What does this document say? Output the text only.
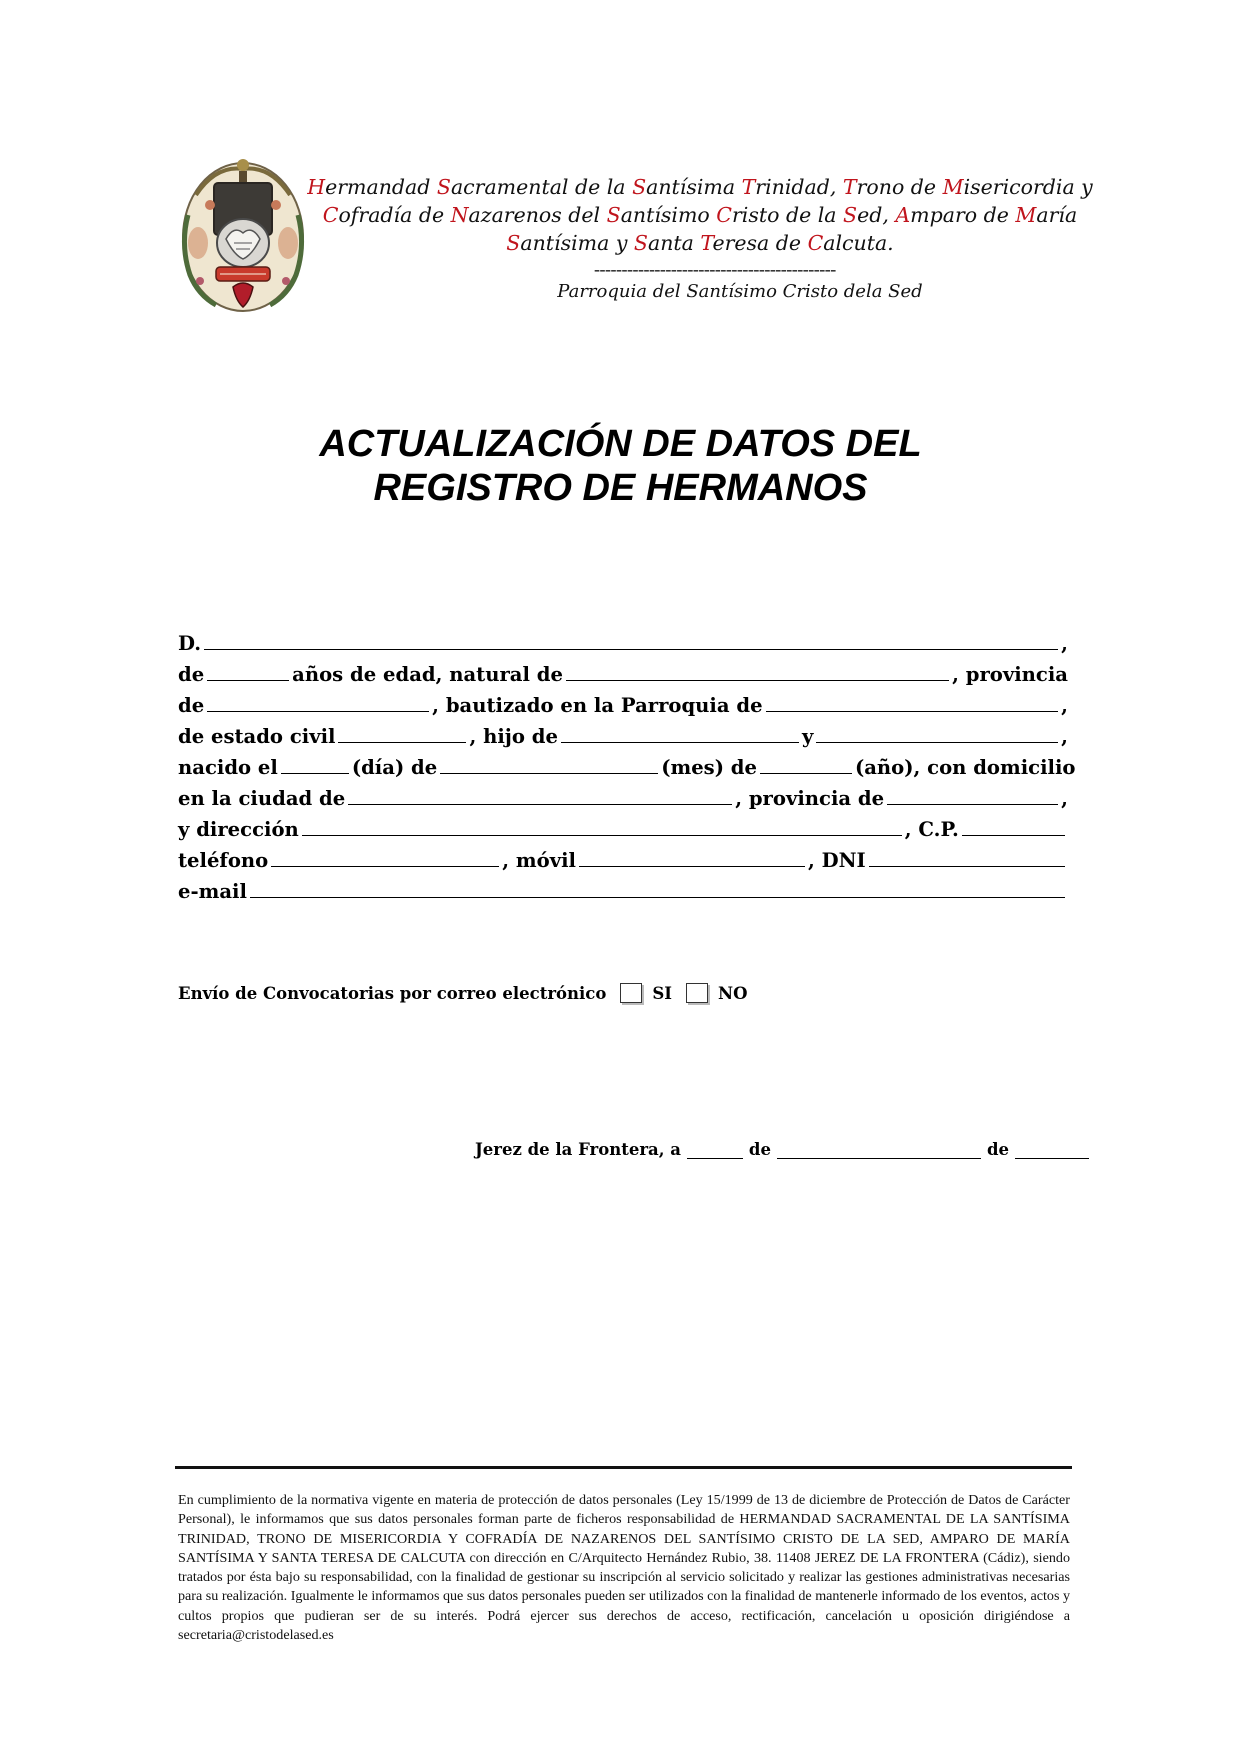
Hermandad Sacramental de la Santísima Trinidad, Trono de Misericordia y
Cofradía de Nazarenos del Santísimo Cristo de la Sed, Amparo de María
Santísima y Santa Teresa de Calcuta.
--------------------------------------------
Parroquia del Santísimo Cristo dela Sed
ACTUALIZACIÓN DE DATOS DEL
REGISTRO DE HERMANOS
D.	,
de	años de edad, natural de	, provincia
de	, bautizado en la Parroquia de	,
de estado civil	, hijo de	y	,
nacido el	(día) de	(mes) de	(año), con domicilio
en la ciudad de	, provincia de	,
y dirección	, C.P.
teléfono	, móvil	, DNI
e-mail
Envío de Convocatorias por correo electrónico	SI	NO
Jerez de la Frontera, a	de	de
En cumplimiento de la normativa vigente en materia de protección de datos personales (Ley 15/1999 de 13 de diciembre de Protección de Datos de Carácter Personal), le informamos que sus datos personales forman parte de ficheros responsabilidad de HERMANDAD SACRAMENTAL DE LA SANTÍSIMA TRINIDAD, TRONO DE MISERICORDIA Y COFRADÍA DE NAZARENOS DEL SANTÍSIMO CRISTO DE LA SED, AMPARO DE MARÍA SANTÍSIMA Y SANTA TERESA DE CALCUTA con dirección en C/Arquitecto Hernández Rubio, 38. 11408 JEREZ DE LA FRONTERA (Cádiz), siendo tratados por ésta bajo su responsabilidad, con la finalidad de gestionar su inscripción al servicio solicitado y realizar las gestiones administrativas necesarias para su realización. Igualmente le informamos que sus datos personales pueden ser utilizados con la finalidad de mantenerle informado de los eventos, actos y cultos propios que pudieran ser de su interés. Podrá ejercer sus derechos de acceso, rectificación, cancelación u oposición dirigiéndose a secretaria@cristodelased.es
